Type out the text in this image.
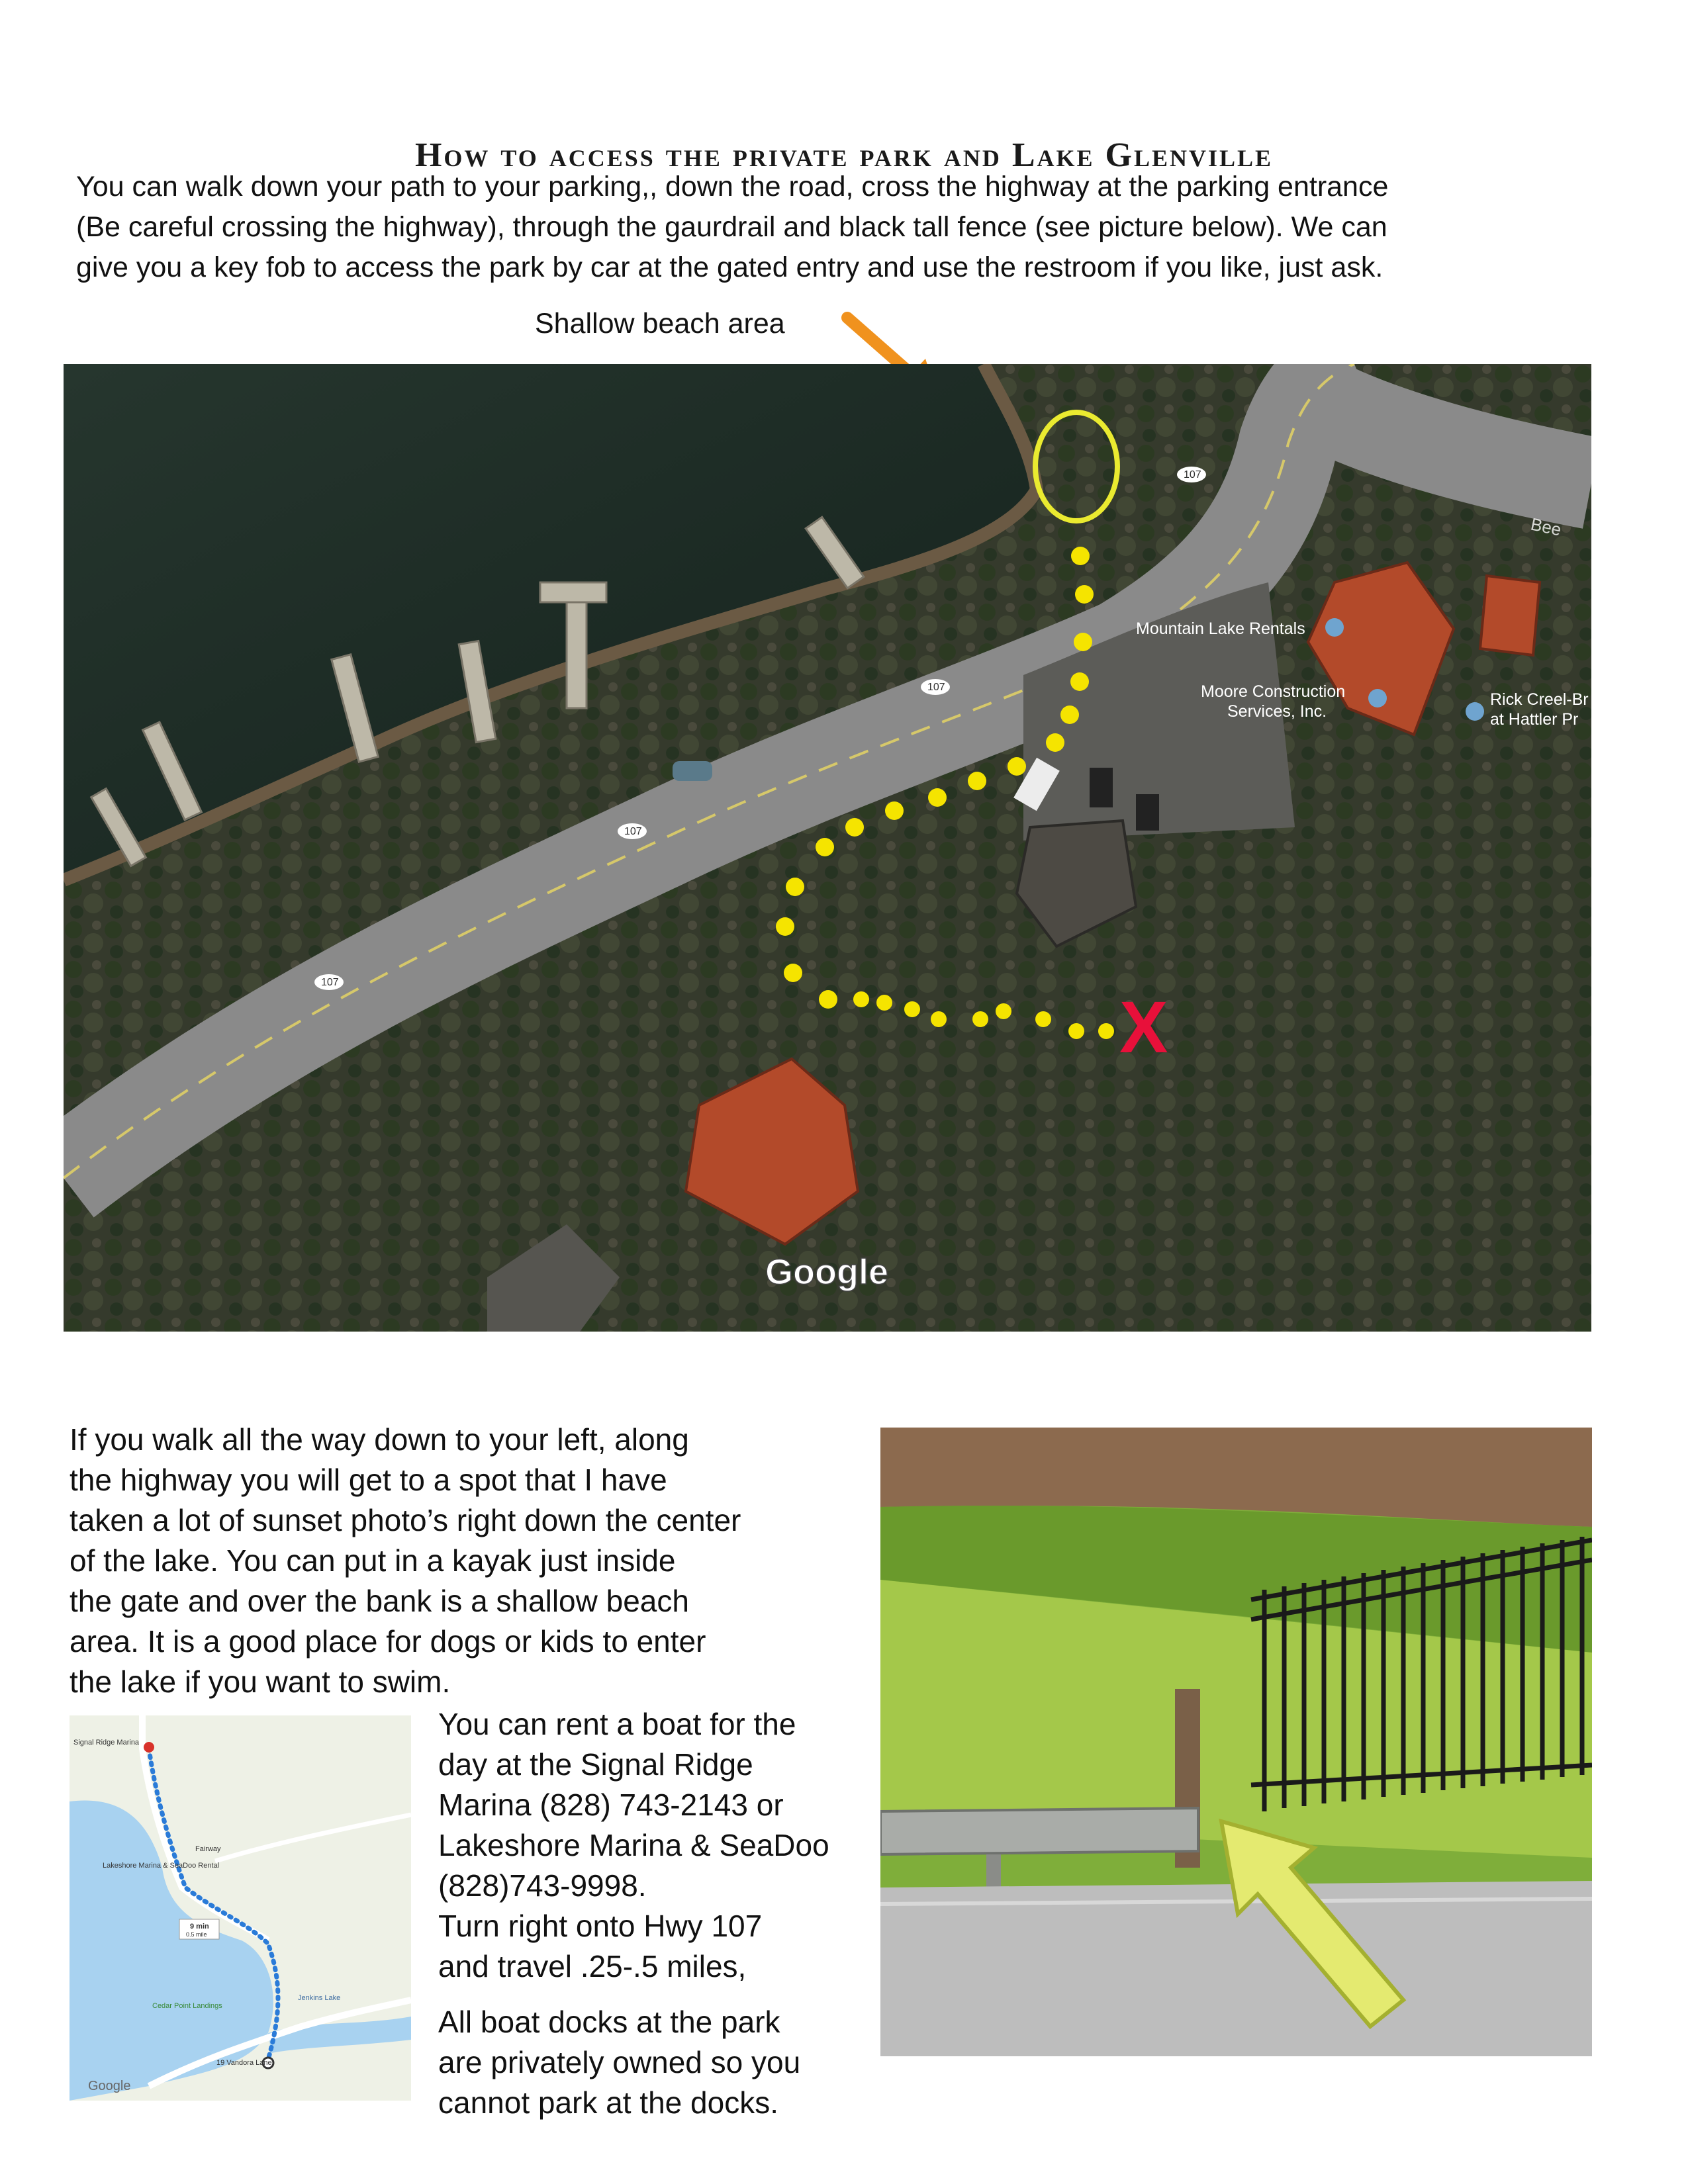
How to access the private park and Lake Glenville
You can walk down your path to your parking,, down the road, cross the highway at the parking entrance
(Be careful crossing the highway), through the gaurdrail and black tall fence (see picture below). We can
give you a key fob to access the park by car at the gated entry and use the restroom if you like, just ask.
Shallow beach area
X
107
107
107
107
Bee
Mountain Lake Rentals
Moore Construction
Services, Inc.
Rick Creel-Br
at Hattler Pr
Google
If you walk all the way down to your left, along
the highway you will get to a spot that I have
taken a lot of sunset photo’s right down the center
of the lake. You can put in a kayak just inside
the gate and over the bank is a shallow beach
area. It is a good place for dogs or kids to enter
the lake if you want to swim.
Signal Ridge Marina
Lakeshore Marina & SeaDoo Rental
Fairway
9 min
0.5 mile
Cedar Point Landings
Jenkins Lake
19 Vandora Lane
Google
You can rent a boat for the
day at the Signal Ridge
Marina (828) 743-2143 or
Lakeshore Marina & SeaDoo
(828)743-9998.
Turn right onto Hwy 107
and travel .25-.5 miles,
All boat docks at the park
are privately owned so you
cannot park at the docks.
